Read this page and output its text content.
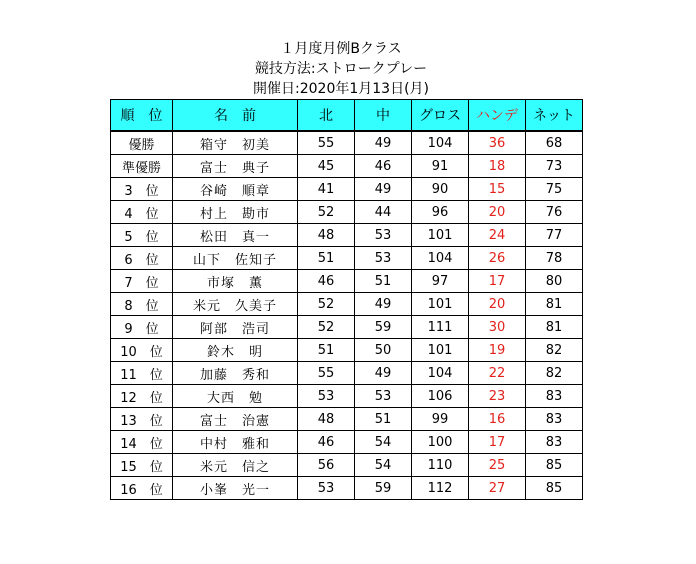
１月度月例Bクラス
競技方法:ストロークプレー
開催日:2020年1月13日(月)
順　位	名　前	北	中	グロス	ハンデ	ネット
優勝	箱守　初美	55	49	104	36	68
準優勝	富士　典子	45	46	91	18	73
3　位	谷崎　順章	41	49	90	15	75
4　位	村上　勘市	52	44	96	20	76
5　位	松田　真一	48	53	101	24	77
6　位	山下　佐知子	51	53	104	26	78
7　位	市塚　薫	46	51	97	17	80
8　位	米元　久美子	52	49	101	20	81
9　位	阿部　浩司	52	59	111	30	81
10　位	鈴木　明	51	50	101	19	82
11　位	加藤　秀和	55	49	104	22	82
12　位	大西　勉	53	53	106	23	83
13　位	富士　治憲	48	51	99	16	83
14　位	中村　雅和	46	54	100	17	83
15　位	米元　信之	56	54	110	25	85
16　位	小峯　光一	53	59	112	27	85
